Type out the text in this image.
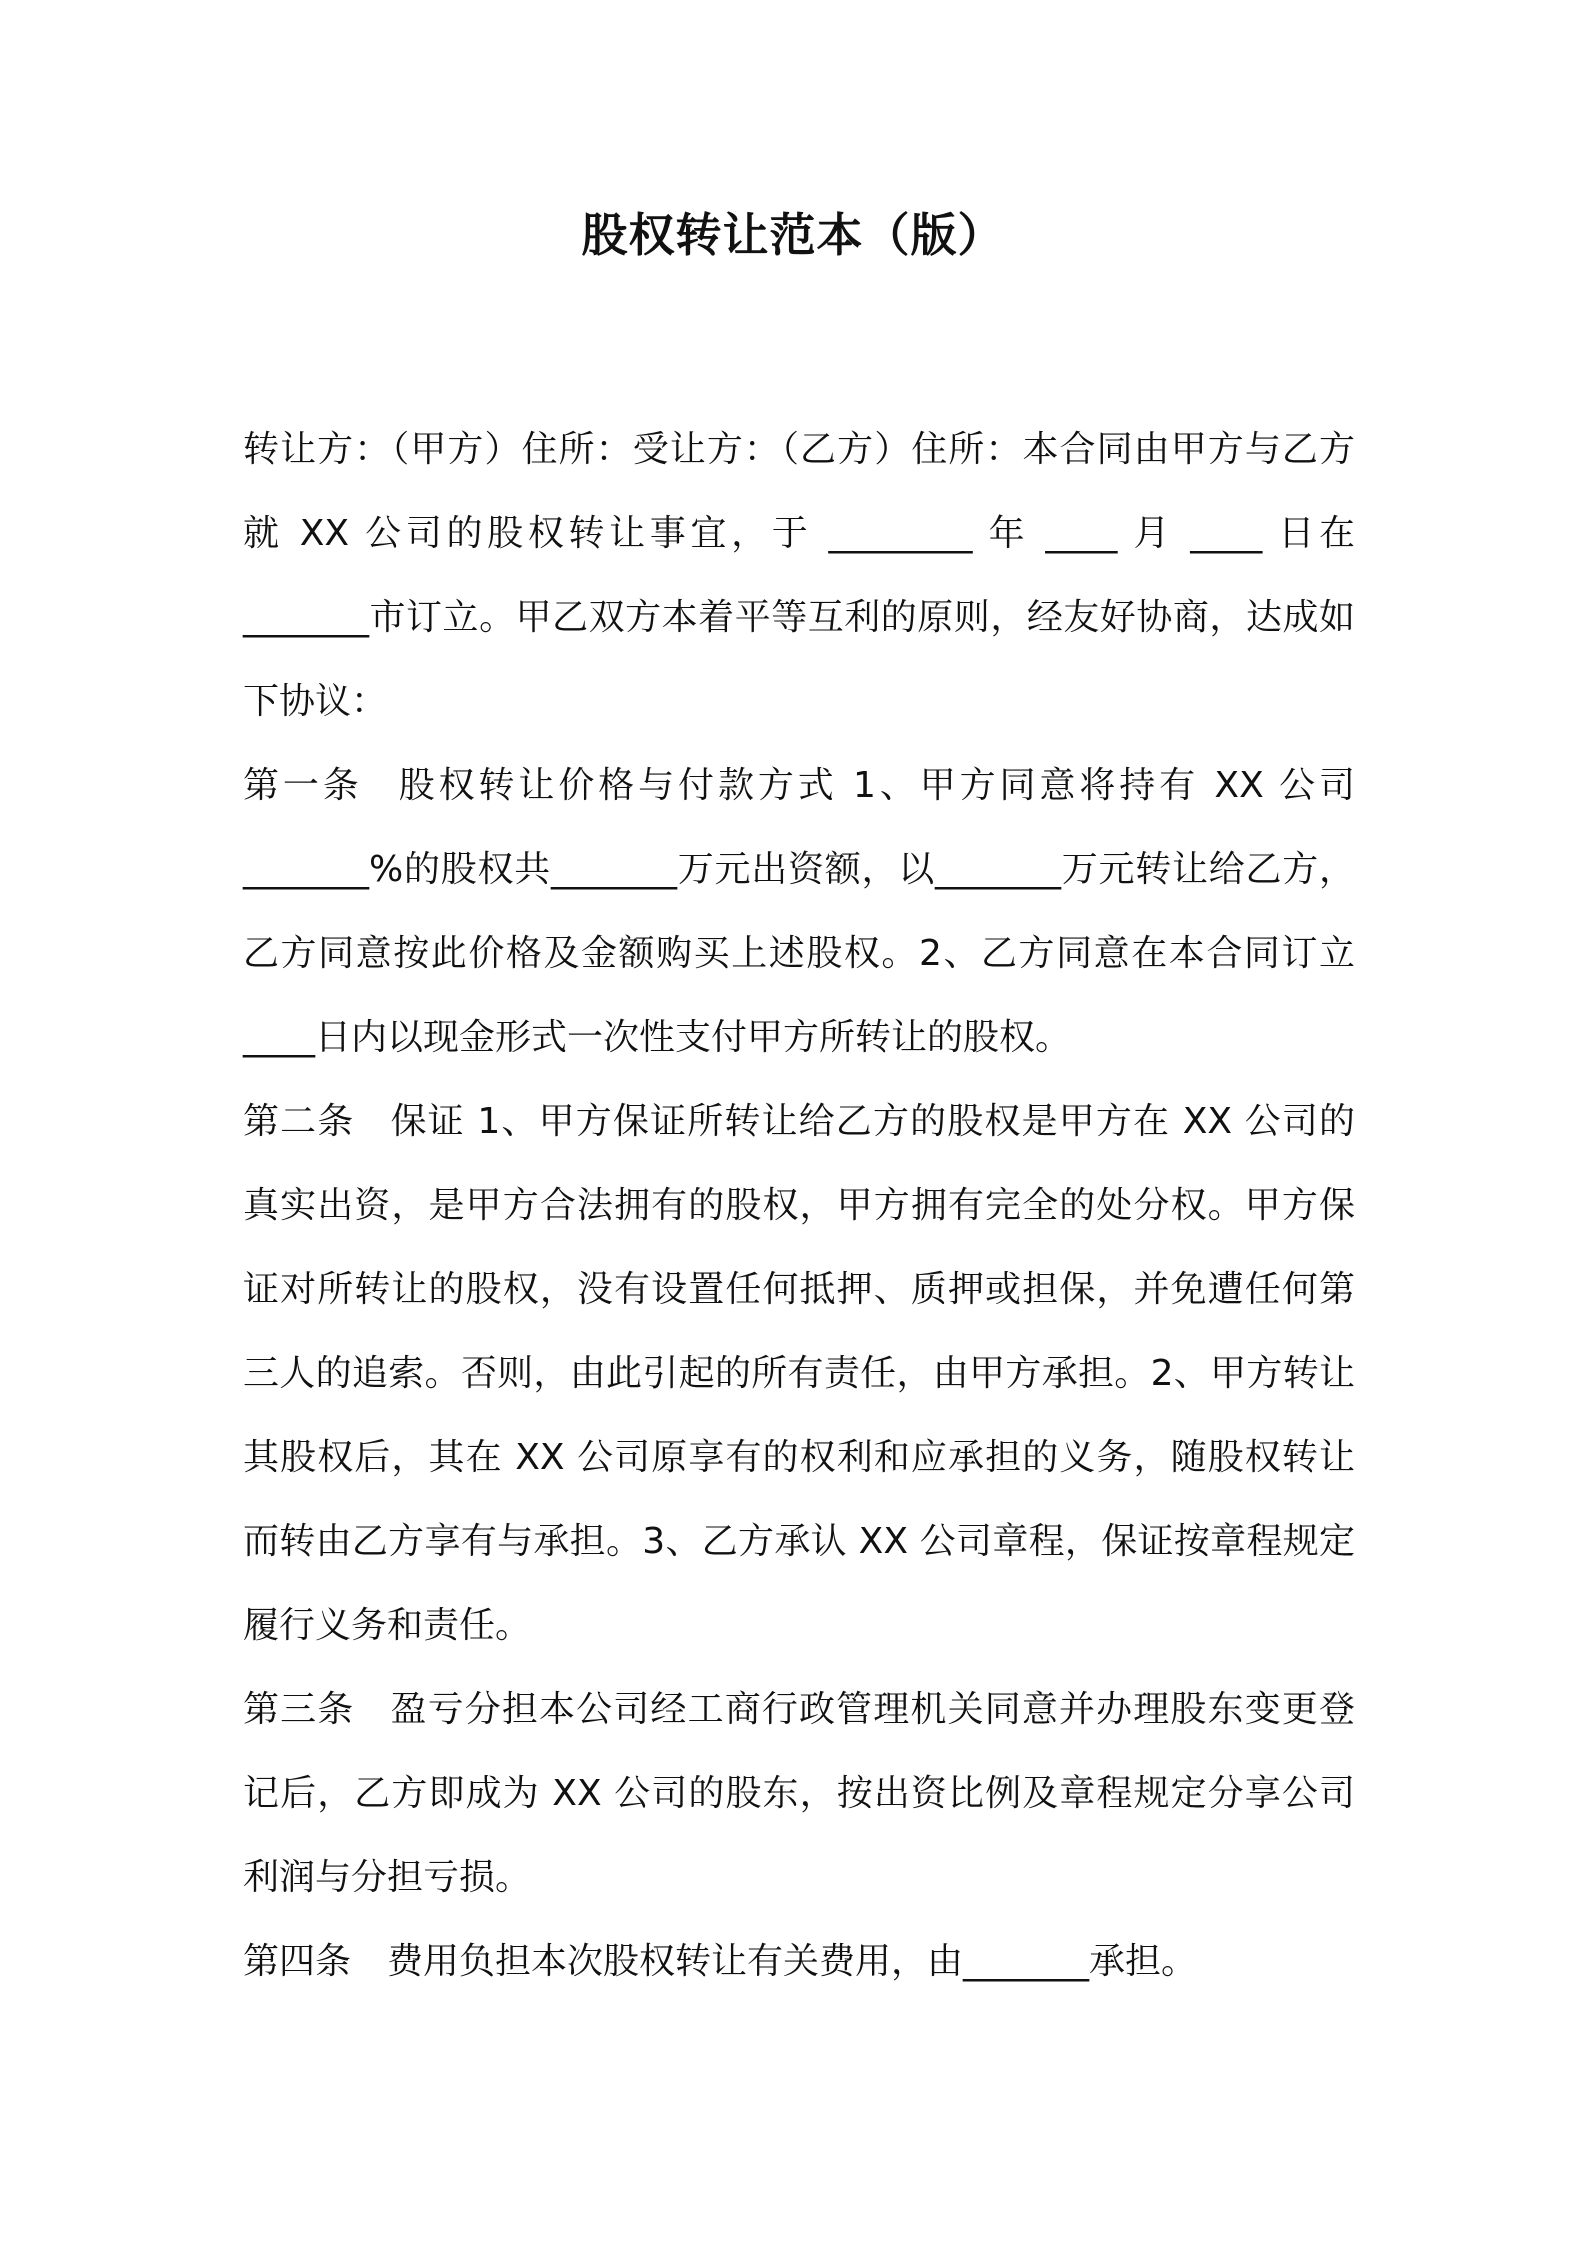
股权转让范本（版）

转让方：（甲方）住所：受让方：（乙方）住所：本合同由甲方与乙方就 XX 公司的股权转让事宜，于 ________ 年 ____ 月 ____ 日在 _______市订立。甲乙双方本着平等互利的原则，经友好协商，达成如下协议：

第一条 股权转让价格与付款方式 1、甲方同意将持有 XX 公司_______%的股权共_______万元出资额，以_______万元转让给乙方，乙方同意按此价格及金额购买上述股权。2、乙方同意在本合同订立____日内以现金形式一次性支付甲方所转让的股权。

第二条 保证 1、甲方保证所转让给乙方的股权是甲方在 XX 公司的真实出资，是甲方合法拥有的股权，甲方拥有完全的处分权。甲方保证对所转让的股权，没有设置任何抵押、质押或担保，并免遭任何第三人的追索。否则，由此引起的所有责任，由甲方承担。2、甲方转让其股权后，其在 XX 公司原享有的权利和应承担的义务，随股权转让而转由乙方享有与承担。3、乙方承认 XX 公司章程，保证按章程规定履行义务和责任。

第三条 盈亏分担本公司经工商行政管理机关同意并办理股东变更登记后，乙方即成为 XX 公司的股东，按出资比例及章程规定分享公司利润与分担亏损。

第四条 费用负担本次股权转让有关费用，由_______承担。
